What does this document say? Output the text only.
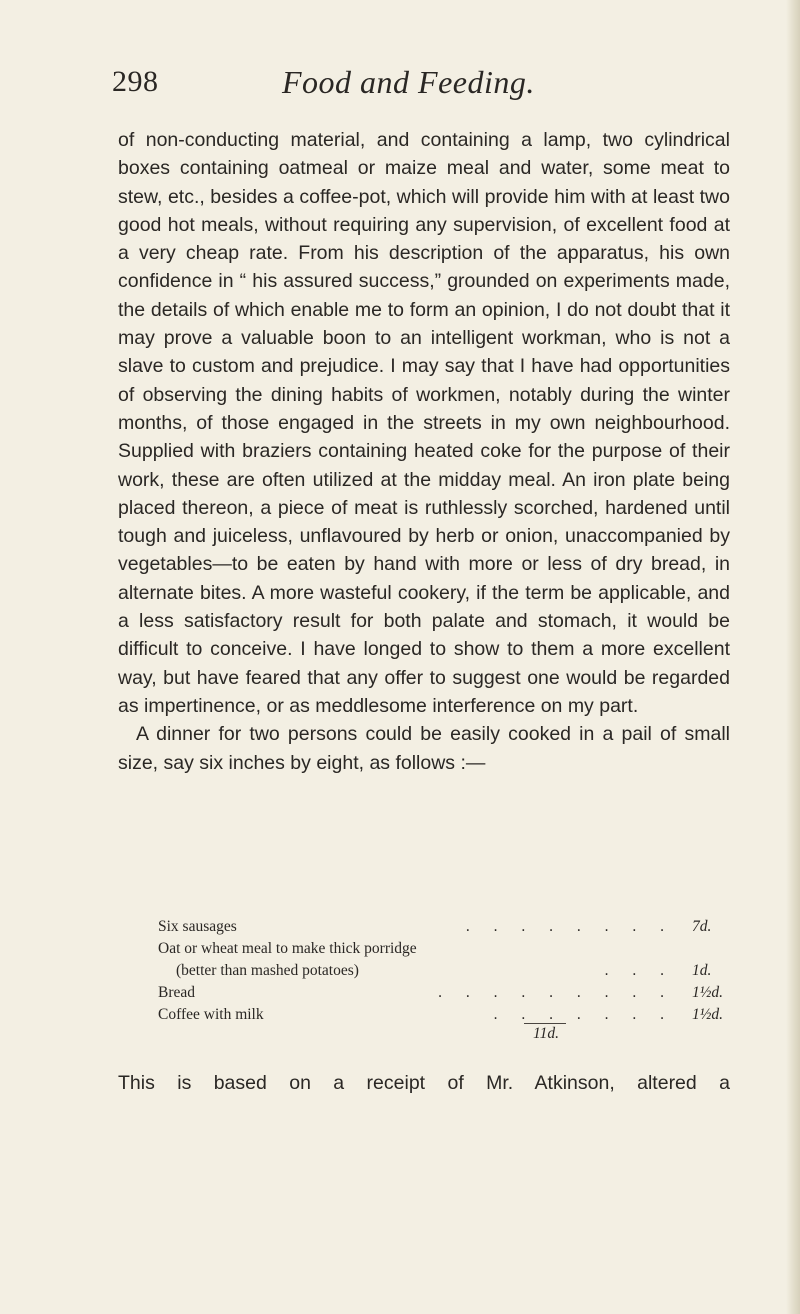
298	Food and Feeding.

of non-conducting material, and containing a lamp, two cylindrical boxes containing oatmeal or maize meal and water, some meat to stew, etc., besides a coffee-pot, which will provide him with at least two good hot meals, without requiring any supervision, of excellent food at a very cheap rate. From his description of the apparatus, his own confidence in “ his assured success,” grounded on experiments made, the details of which enable me to form an opinion, I do not doubt that it may prove a valuable boon to an intelligent workman, who is not a slave to custom and prejudice. I may say that I have had opportunities of observing the dining habits of workmen, notably during the winter months, of those engaged in the streets in my own neighbourhood. Supplied with braziers containing heated coke for the purpose of their work, these are often utilized at the midday meal. An iron plate being placed thereon, a piece of meat is ruthlessly scorched, hardened until tough and juiceless, unflavoured by herb or onion, unaccompanied by vegetables—to be eaten by hand with more or less of dry bread, in alternate bites. A more wasteful cookery, if the term be applicable, and a less satisfactory result for both palate and stomach, it would be difficult to conceive. I have longed to show to them a more excellent way, but have feared that any offer to suggest one would be regarded as impertinence, or as meddlesome interference on my part.

A dinner for two persons could be easily cooked in a pail of small size, say six inches by eight, as follows :—

Six sausages	. . . . . . . . 7d.
Oat or wheat meal to make thick porridge
(better than mashed potatoes)	. . . 1d.
Bread	. . . . . . . . . 1½d.
Coffee with milk	. . . . . . . 1½d.
11d.
This is based on a receipt of Mr. Atkinson, altered a
